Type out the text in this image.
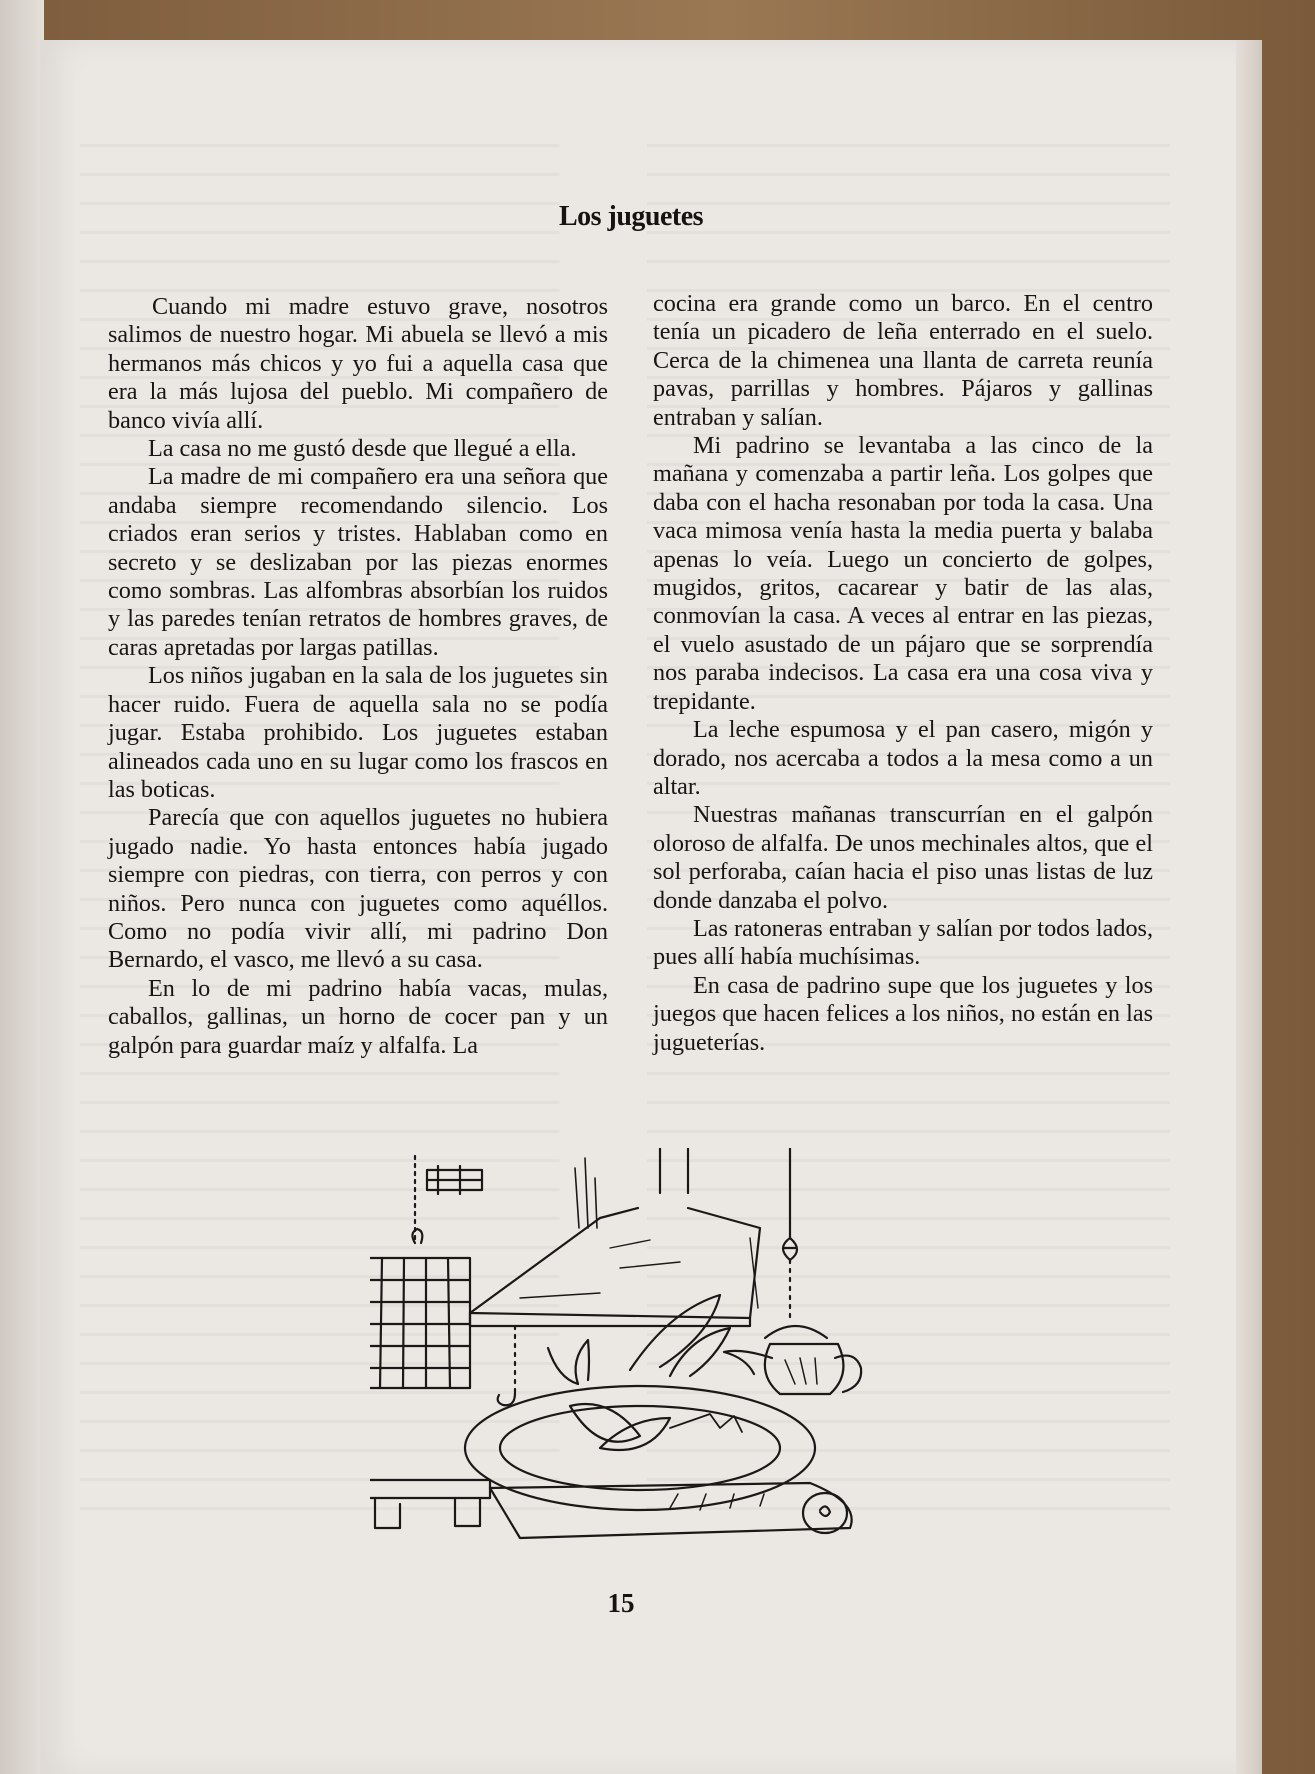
Los juguetes

Cuando mi madre estuvo grave, nosotros salimos de nuestro hogar. Mi abuela se llevó a mis hermanos más chicos y yo fui a aquella casa que era la más lujosa del pueblo. Mi compañero de banco vivía allí.

La casa no me gustó desde que llegué a ella.

La madre de mi compañero era una señora que andaba siempre recomendando silencio. Los criados eran serios y tristes. Hablaban como en secreto y se deslizaban por las piezas enormes como sombras. Las alfombras absorbían los ruidos y las paredes tenían retratos de hombres graves, de caras apretadas por largas patillas.

Los niños jugaban en la sala de los juguetes sin hacer ruido. Fuera de aquella sala no se podía jugar. Estaba prohibido. Los juguetes estaban alineados cada uno en su lugar como los frascos en las boticas.

Parecía que con aquellos juguetes no hubiera jugado nadie. Yo hasta entonces había jugado siempre con piedras, con tierra, con perros y con niños. Pero nunca con juguetes como aquéllos. Como no podía vivir allí, mi padrino Don Bernardo, el vasco, me llevó a su casa.

En lo de mi padrino había vacas, mulas, caballos, gallinas, un horno de cocer pan y un galpón para guardar maíz y alfalfa. La

cocina era grande como un barco. En el centro tenía un picadero de leña enterrado en el suelo. Cerca de la chimenea una llanta de carreta reunía pavas, parrillas y hombres. Pájaros y gallinas entraban y salían.

Mi padrino se levantaba a las cinco de la mañana y comenzaba a partir leña. Los golpes que daba con el hacha resonaban por toda la casa. Una vaca mimosa venía hasta la media puerta y balaba apenas lo veía. Luego un concierto de golpes, mugidos, gritos, cacarear y batir de las alas, conmovían la casa. A veces al entrar en las piezas, el vuelo asustado de un pájaro que se sorprendía nos paraba indecisos. La casa era una cosa viva y trepidante.

La leche espumosa y el pan casero, migón y dorado, nos acercaba a todos a la mesa como a un altar.

Nuestras mañanas transcurrían en el galpón oloroso de alfalfa. De unos mechinales altos, que el sol perforaba, caían hacia el piso unas listas de luz donde danzaba el polvo.

Las ratoneras entraban y salían por todos lados, pues allí había muchísimas.

En casa de padrino supe que los juguetes y los juegos que hacen felices a los niños, no están en las jugueterías.

15
